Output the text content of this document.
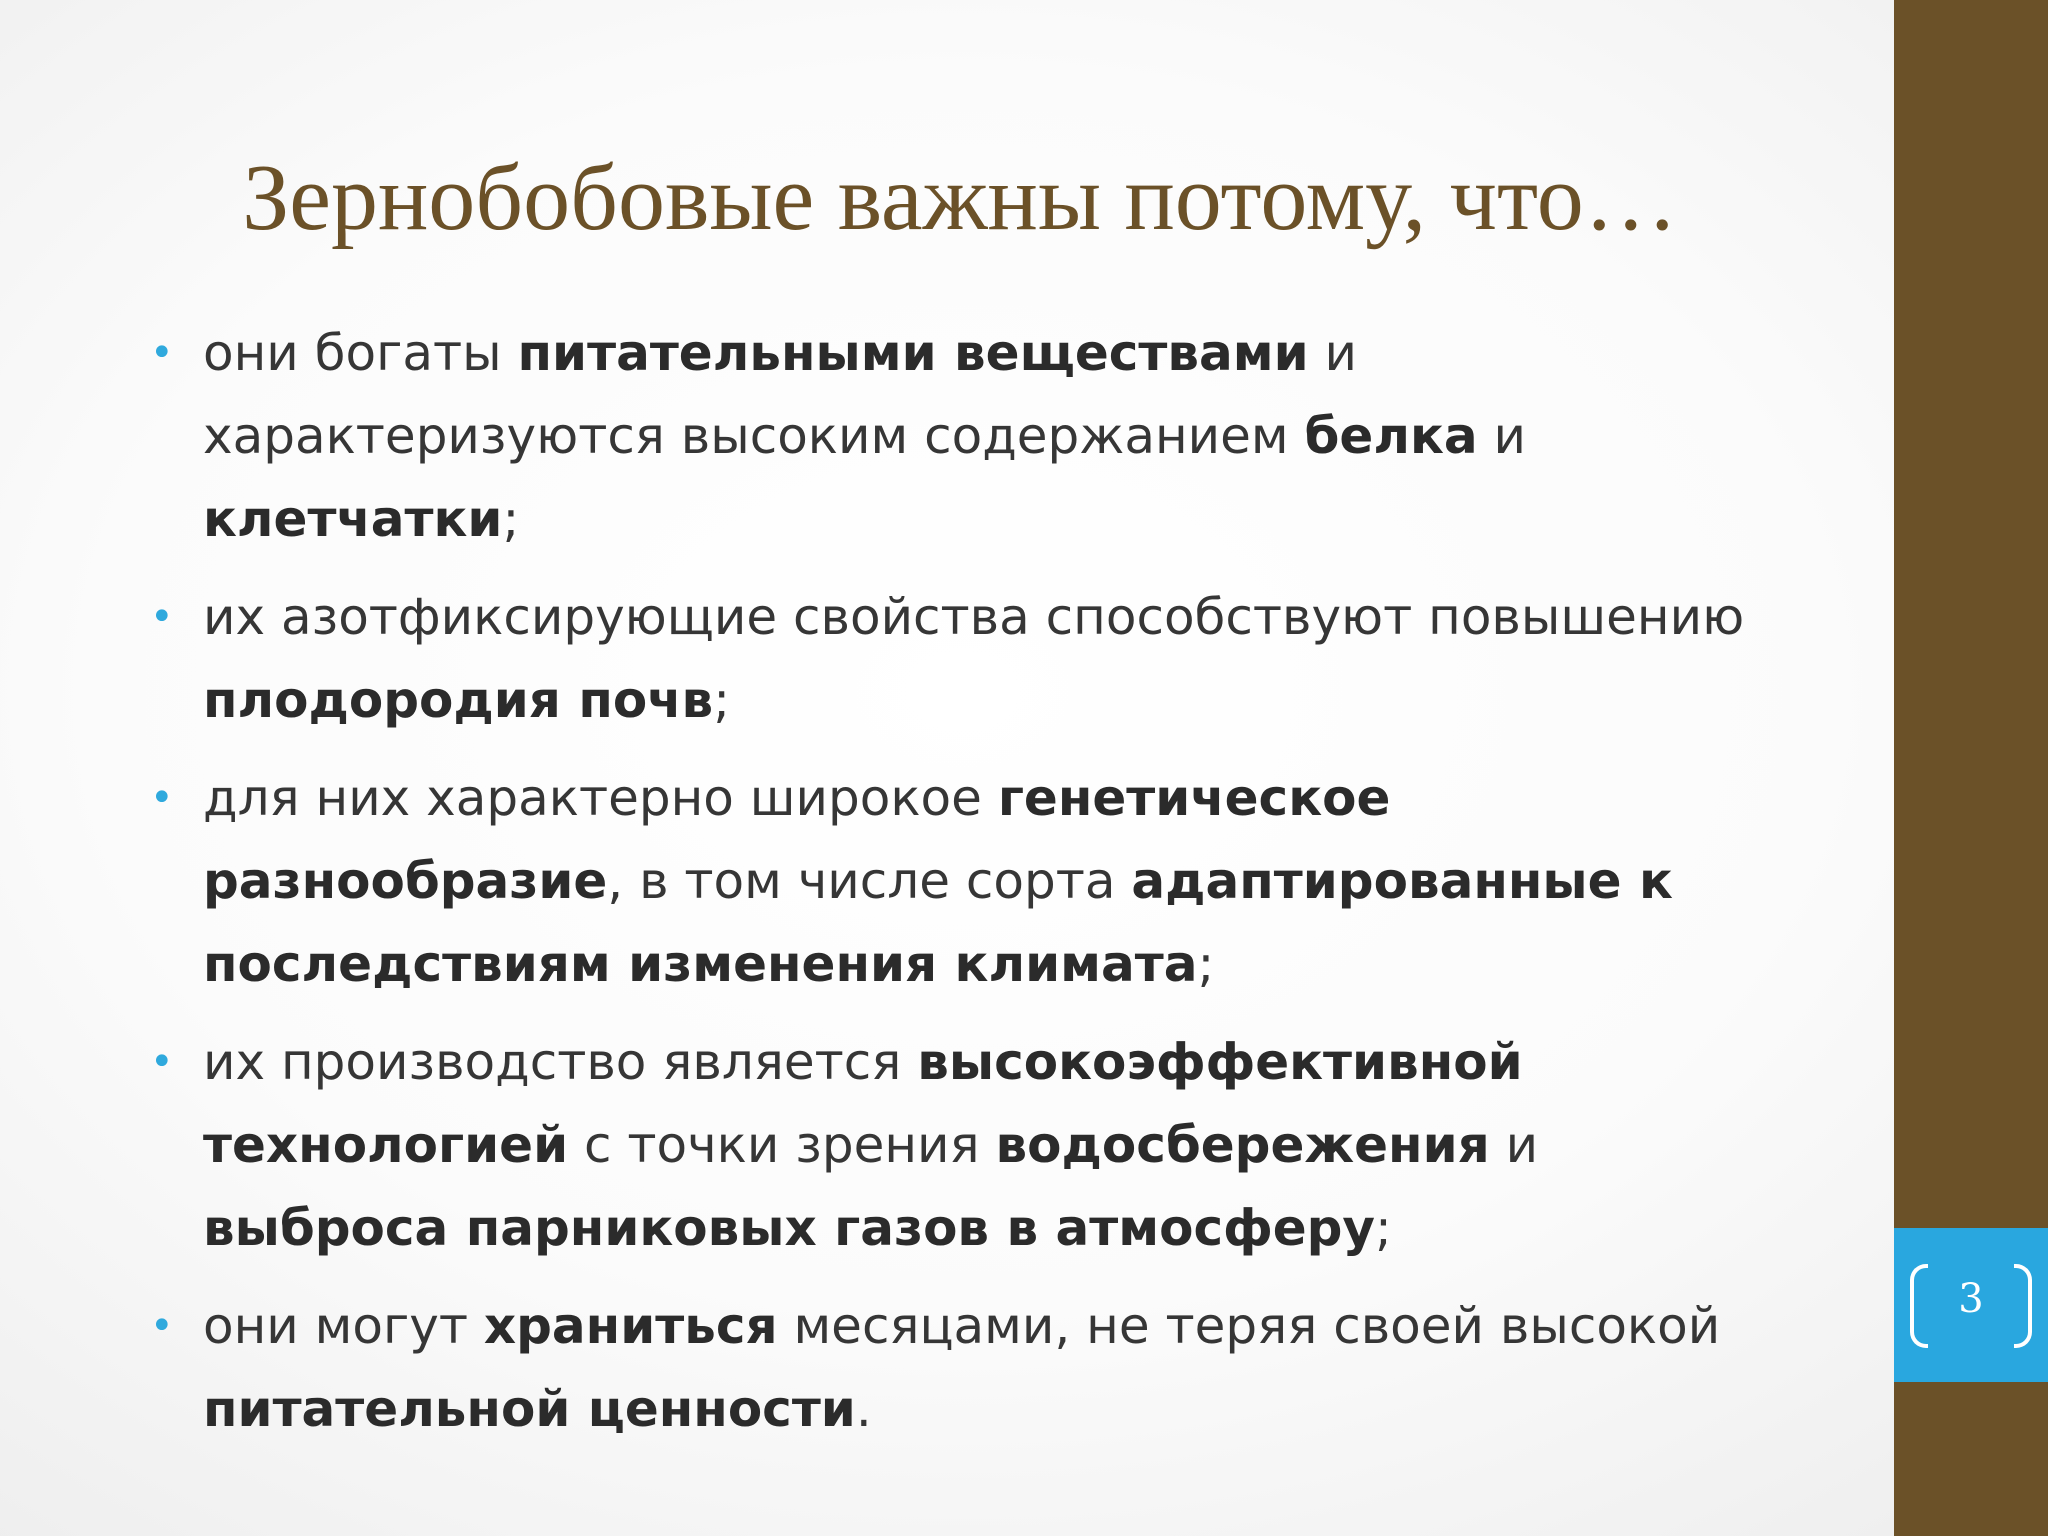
Зернобобовые важны потому, что…
• они богаты питательными веществами и характеризуются высоким содержанием белка и клетчатки;
• их азотфиксирующие свойства способствуют повышению плодородия почв;
• для них характерно широкое генетическое разнообразие, в том числе сорта адаптированные к последствиям изменения климата;
• их производство является высокоэффективной технологией с точки зрения водосбережения и выброса парниковых газов в атмосферу;
• они могут храниться месяцами, не теряя своей высокой питательной ценности.
3
